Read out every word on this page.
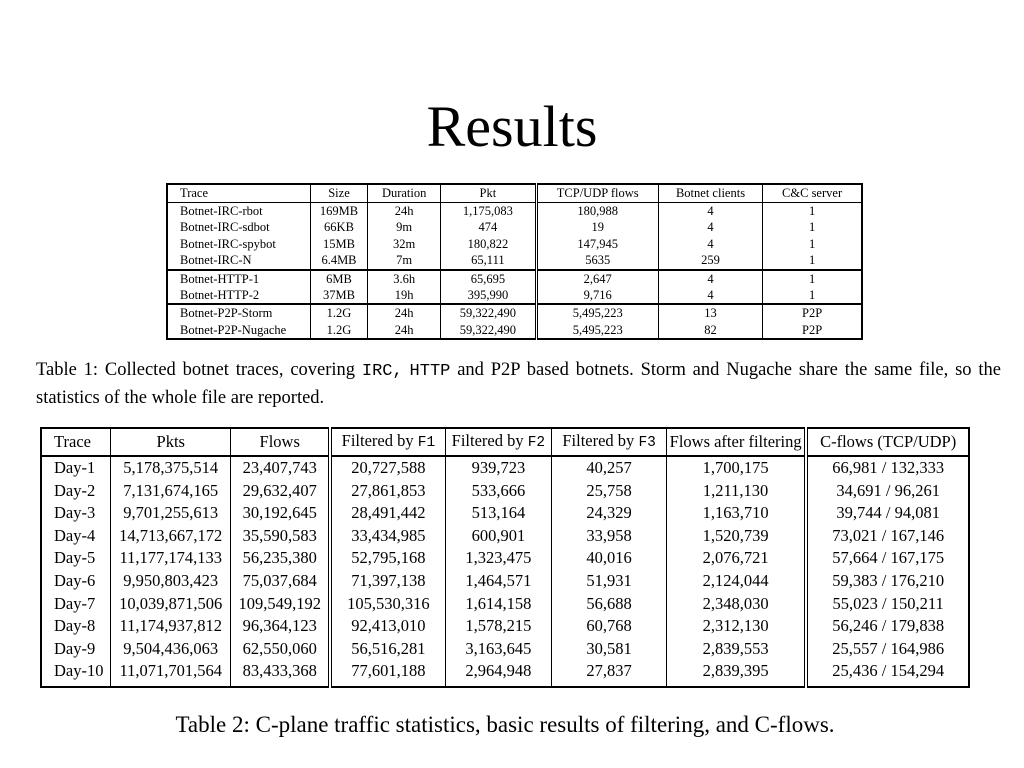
Results
Trace	Size	Duration	Pkt	TCP/UDP flows	Botnet clients	C&C server
Botnet-IRC-rbot	169MB	24h	1,175,083	180,988	4	1
Botnet-IRC-sdbot	66KB	9m	474	19	4	1
Botnet-IRC-spybot	15MB	32m	180,822	147,945	4	1
Botnet-IRC-N	6.4MB	7m	65,111	5635	259	1
Botnet-HTTP-1	6MB	3.6h	65,695	2,647	4	1
Botnet-HTTP-2	37MB	19h	395,990	9,716	4	1
Botnet-P2P-Storm	1.2G	24h	59,322,490	5,495,223	13	P2P
Botnet-P2P-Nugache	1.2G	24h	59,322,490	5,495,223	82	P2P
Table 1: Collected botnet traces, covering IRC, HTTP and P2P based botnets. Storm and Nugache share the same file, so the statistics of the whole file are reported.
Trace	Pkts	Flows	Filtered by F1	Filtered by F2	Filtered by F3	Flows after filtering	C-flows (TCP/UDP)
Day-1	5,178,375,514	23,407,743	20,727,588	939,723	40,257	1,700,175	66,981 / 132,333
Day-2	7,131,674,165	29,632,407	27,861,853	533,666	25,758	1,211,130	34,691 / 96,261
Day-3	9,701,255,613	30,192,645	28,491,442	513,164	24,329	1,163,710	39,744 / 94,081
Day-4	14,713,667,172	35,590,583	33,434,985	600,901	33,958	1,520,739	73,021 / 167,146
Day-5	11,177,174,133	56,235,380	52,795,168	1,323,475	40,016	2,076,721	57,664 / 167,175
Day-6	9,950,803,423	75,037,684	71,397,138	1,464,571	51,931	2,124,044	59,383 / 176,210
Day-7	10,039,871,506	109,549,192	105,530,316	1,614,158	56,688	2,348,030	55,023 / 150,211
Day-8	11,174,937,812	96,364,123	92,413,010	1,578,215	60,768	2,312,130	56,246 / 179,838
Day-9	9,504,436,063	62,550,060	56,516,281	3,163,645	30,581	2,839,553	25,557 / 164,986
Day-10	11,071,701,564	83,433,368	77,601,188	2,964,948	27,837	2,839,395	25,436 / 154,294
Table 2: C-plane traffic statistics, basic results of filtering, and C-flows.
